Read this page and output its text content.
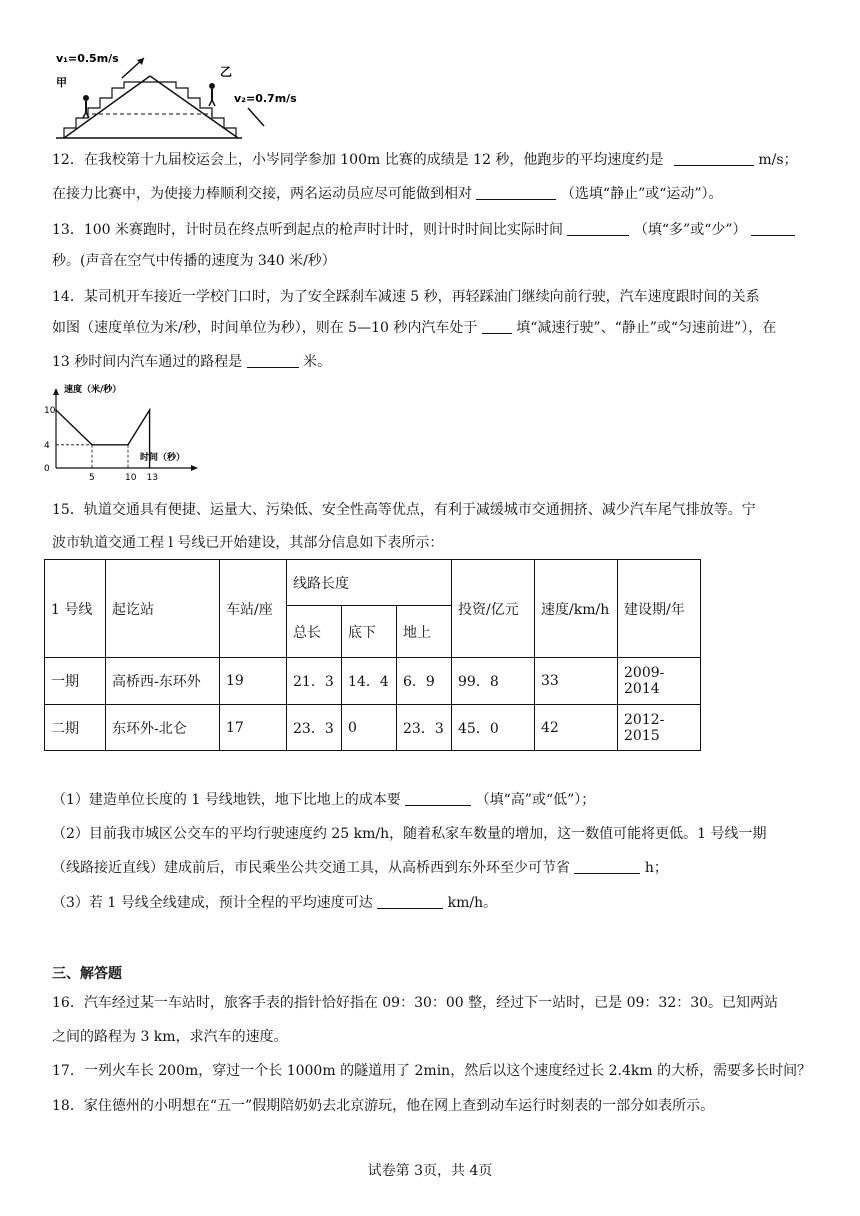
v₁=0.5m/s
甲
乙
v₂=0.7m/s
12．在我校第十九届校运会上，小岑同学参加 100m 比赛的成绩是 12 秒，他跑步的平均速度约是	m/s；
在接力比赛中，为使接力棒顺利交接，两名运动员应尽可能做到相对	（选填“静止”或“运动”）。
13．100 米赛跑时，计时员在终点听到起点的枪声时计时，则计时时间比实际时间	（填“多”或“少”）
秒。(声音在空气中传播的速度为 340 米/秒）
14．某司机开车接近一学校门口时，为了安全踩刹车减速 5 秒，再轻踩油门继续向前行驶，汽车速度跟时间的关系
如图（速度单位为米/秒，时间单位为秒），则在 5—10 秒内汽车处于	填“减速行驶”、“静止”或“匀速前进”），在
13 秒时间内汽车通过的路程是	米。
速度（米/秒）
时间（秒）
0
4
10
5	10 13
15．轨道交通具有便捷、运量大、污染低、安全性高等优点，有利于减缓城市交通拥挤、减少汽车尾气排放等。宁
波市轨道交通工程 l 号线已开始建设，其部分信息如下表所示：
1 号线	起讫站	车站/座	线路长度			投资/亿元	速度/km/h	建设期/年
			总长	底下	地上			
一期	高桥西-东环外	19	21．3	14．4	6．9	99．8	33	2009-2014
二期	东环外-北仑	17	23．3	0	23．3	45．0	42	2012-2015
（1）建造单位长度的 1 号线地铁，地下比地上的成本要	（填“高”或“低”）；
（2）目前我市城区公交车的平均行驶速度约 25 km/h，随着私家车数量的增加，这一数值可能将更低。1 号线一期
（线路接近直线）建成前后，市民乘坐公共交通工具，从高桥西到东外环至少可节省	h；
（3）若 1 号线全线建成，预计全程的平均速度可达	km/h。
三、解答题
16．汽车经过某一车站时，旅客手表的指针恰好指在 09：30：00 整，经过下一站时，已是 09：32：30。已知两站
之间的路程为 3 km，求汽车的速度。
17．一列火车长 200m，穿过一个长 1000m 的隧道用了 2min，然后以这个速度经过长 2.4km 的大桥，需要多长时间？
18．家住德州的小明想在“五一”假期陪奶奶去北京游玩，他在网上查到动车运行时刻表的一部分如表所示。
试卷第 3页，共 4页
